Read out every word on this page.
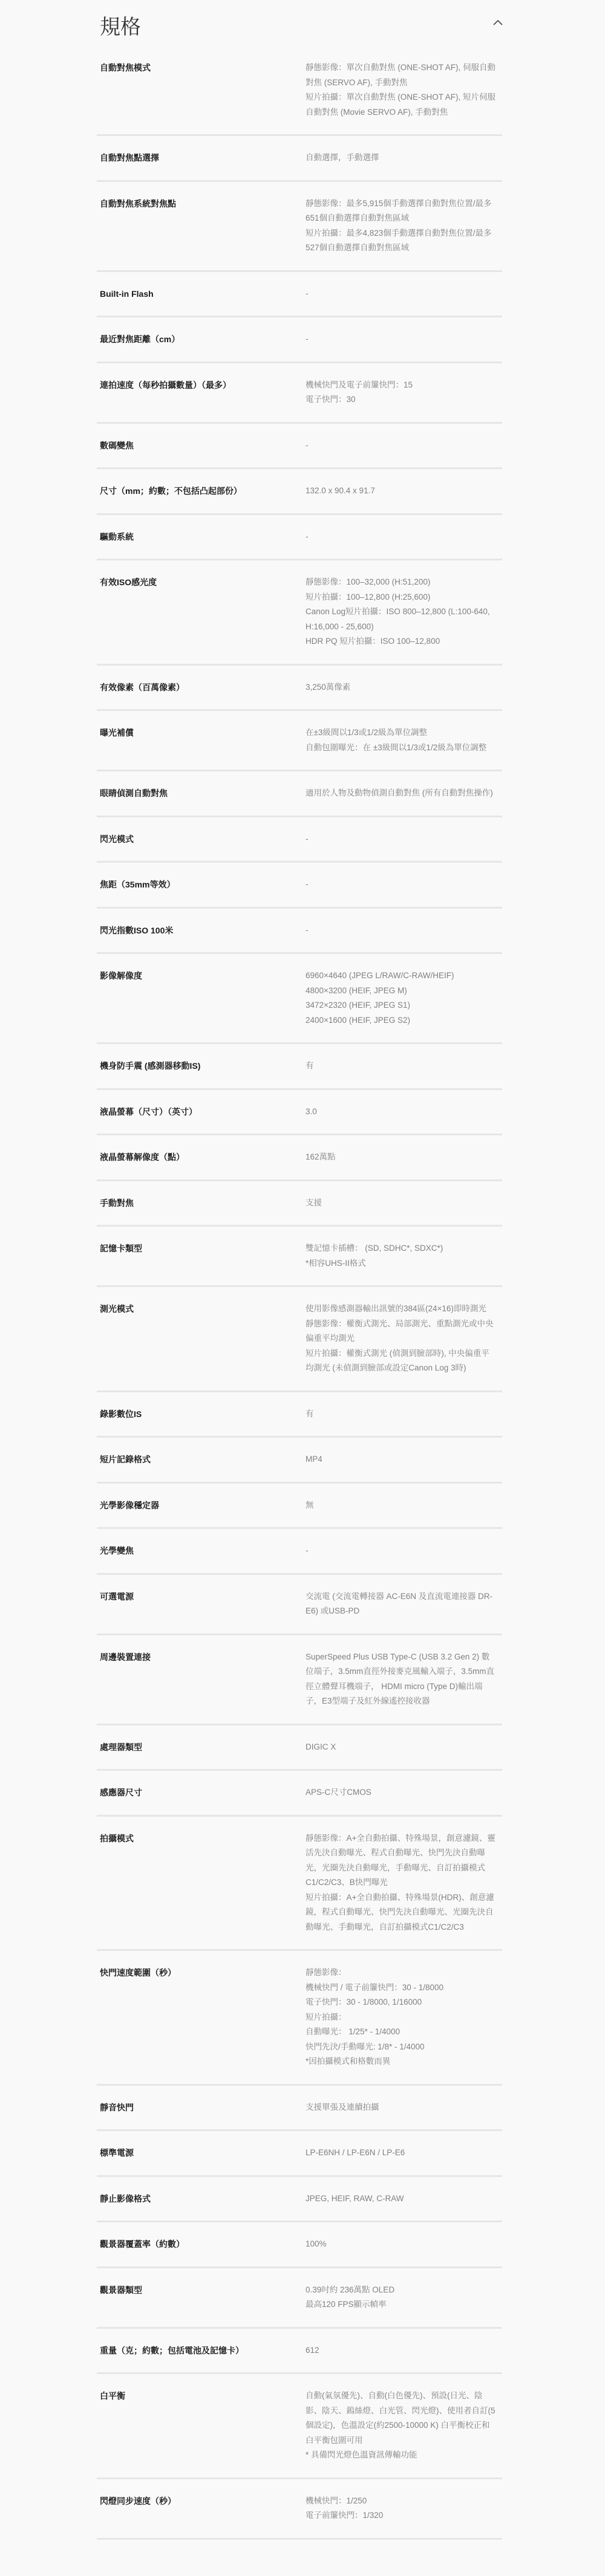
規格
自動對焦模式	靜態影像：單次自動對焦 (ONE-SHOT AF), 伺服自動對焦 (SERVO AF), 手動對焦
短片拍攝：單次自動對焦 (ONE-SHOT AF), 短片伺服自動對焦 (Movie SERVO AF), 手動對焦
自動對焦點選擇	自動選擇，手動選擇
自動對焦系統對焦點	靜態影像：最多5,915個手動選擇自動對焦位置/最多651個自動選擇自動對焦區域
短片拍攝：最多4,823個手動選擇自動對焦位置/最多527個自動選擇自動對焦區域
Built-in Flash	-
最近對焦距離（cm）	-
連拍速度（每秒拍攝數量）（最多）	機械快門及電子前簾快門：15
電子快門：30
數碼變焦	-
尺寸（mm；約數；不包括凸起部份）	132.0 x 90.4 x 91.7
驅動系統	-
有效ISO感光度	靜態影像：100–32,000 (H:51,200)
短片拍攝：100–12,800 (H:25,600)
Canon Log短片拍攝：ISO 800–12,800 (L:100-640, H:16,000 - 25,600)
HDR PQ 短片拍攝：ISO 100–12,800
有效像素（百萬像素）	3,250萬像素
曝光補償	在±3級間以1/3或1/2級為單位調整
自動包圍曝光：在 ±3級間以1/3或1/2級為單位調整
眼睛偵測自動對焦	適用於人物及動物偵測自動對焦 (所有自動對焦操作)
閃光模式	-
焦距（35mm等效）	-
閃光指數ISO 100米	-
影像解像度	6960×4640 (JPEG L/RAW/C-RAW/HEIF)
4800×3200 (HEIF, JPEG M)
3472×2320 (HEIF, JPEG S1)
2400×1600 (HEIF, JPEG S2)
機身防手震 (感測器移動IS)	有
液晶螢幕（尺寸）（英寸）	3.0
液晶螢幕解像度（點）	162萬點
手動對焦	支援
記憶卡類型	雙記憶卡插槽： (SD, SDHC*, SDXC*)
*相容UHS-II格式
測光模式	使用影像感測器輸出訊號的384區(24×16)即時測光
靜態影像：權衡式測光、局部測光、重點測光或中央偏重平均測光
短片拍攝：權衡式測光 (偵測到臉部時), 中央偏重平均測光 (未偵測到臉部或設定Canon Log 3時)
錄影數位IS	有
短片記錄格式	MP4
光學影像穩定器	無
光學變焦	-
可選電源	交流電 (交流電轉接器 AC-E6N 及直流電連接器 DR-E6) 或USB-PD
周邊裝置連接	SuperSpeed Plus USB Type-C (USB 3.2 Gen 2) 數位端子，3.5mm直徑外接麥克風輸入端子，3.5mm直徑立體聲耳機端子， HDMI micro (Type D)輸出端子，E3型端子及紅外線遙控接收器
處理器類型	DIGIC X
感應器尺寸	APS-C尺寸CMOS
拍攝模式	靜態影像：A+全自動拍攝、特殊場景，創意濾鏡、靈活先決自動曝光、程式自動曝光、快門先決自動曝光，光圈先決自動曝光，手動曝光、自訂拍攝模式C1/C2/C3、B快門曝光
短片拍攝：A+全自動拍攝、特殊場景(HDR)、創意濾鏡，程式自動曝光、快門先決自動曝光、光圈先決自動曝光、手動曝光，自訂拍攝模式C1/C2/C3
快門速度範圍（秒）	靜態影像：
機械快門 / 電子前簾快門：30 - 1/8000
電子快門：30 - 1/8000, 1/16000
短片拍攝：
自動曝光： 1/25* - 1/4000
快門先決/手動曝光: 1/8* - 1/4000
*因拍攝模式和格數而異
靜音快門	支援單張及連續拍攝
標準電源	LP-E6NH / LP-E6N / LP-E6
靜止影像格式	JPEG, HEIF, RAW, C-RAW
觀景器覆蓋率（約數）	100%
觀景器類型	0.39吋約 236萬點 OLED
最高120 FPS顯示幀率
重量（克；約數；包括電池及記憶卡）	612
白平衡	自動(氣氛優先)、自動(白色優先)、預設(日光、陰影、陰天、鎢絲燈、白光管、閃光燈)、使用者自訂(5個設定)，色溫設定(約2500-10000 K) 白平衡校正和白平衡包圍可用
* 具備閃光燈色溫資訊傳輸功能
閃燈同步速度（秒）	機械快門：1/250
電子前簾快門：1/320
